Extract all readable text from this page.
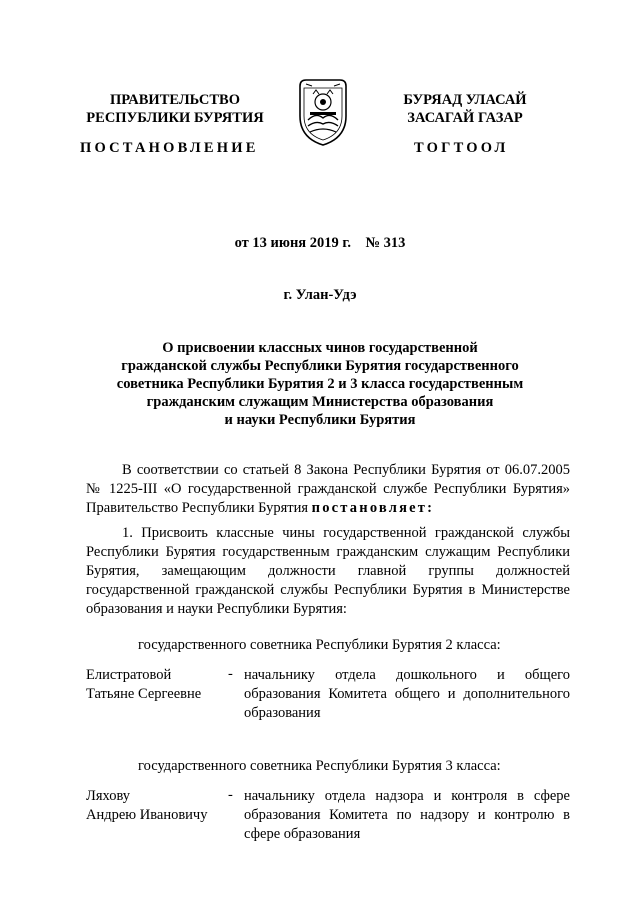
ПРАВИТЕЛЬСТВО
РЕСПУБЛИКИ БУРЯТИЯ
БУРЯАД УЛАСАЙ
ЗАСАГАЙ ГАЗАР
ПОСТАНОВЛЕНИЕ	ТОГТООЛ
от 13 июня 2019 г.    № 313
г. Улан-Удэ
О присвоении классных чинов государственной
гражданской службы Республики Бурятия государственного
советника Республики Бурятия 2 и 3 класса государственным
гражданским служащим Министерства образования
и науки Республики Бурятия
В соответствии со статьей 8 Закона Республики Бурятия от 06.07.2005 № 1225-III «О государственной гражданской службе Республики Бурятия» Правительство Республики Бурятия постановляет:
1. Присвоить классные чины государственной гражданской службы Республики Бурятия государственным гражданским служащим Республики Бурятия, замещающим должности главной группы должностей государственной гражданской службы Республики Бурятия в Министерстве образования и науки Республики Бурятия:
государственного советника Республики Бурятия 2 класса:
Елистратовой
Татьяне Сергеевне
- начальнику отдела дошкольного и общего образования Комитета общего и дополнительного образования
государственного советника Республики Бурятия 3 класса:
Ляхову
Андрею Ивановичу
- начальнику отдела надзора и контроля в сфере образования Комитета по надзору и контролю в сфере образования
